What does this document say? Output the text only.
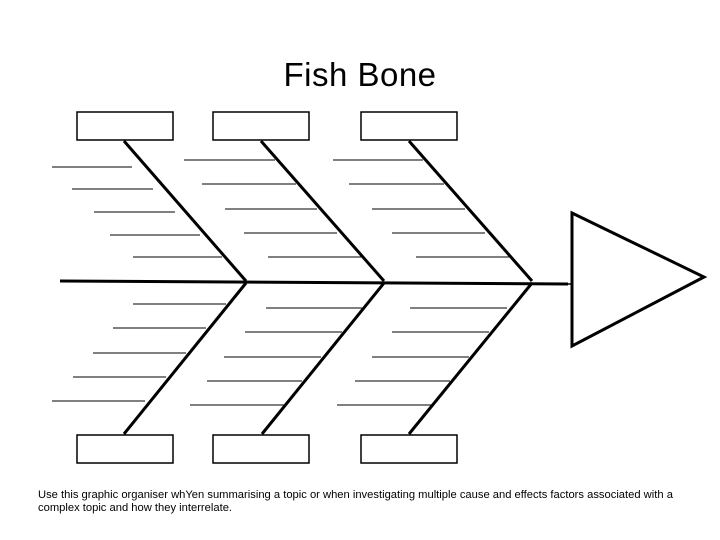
Fish Bone
Use this graphic organiser whYen summarising a topic or when investigating multiple cause and effects factors associated with a complex topic and how they interrelate.
